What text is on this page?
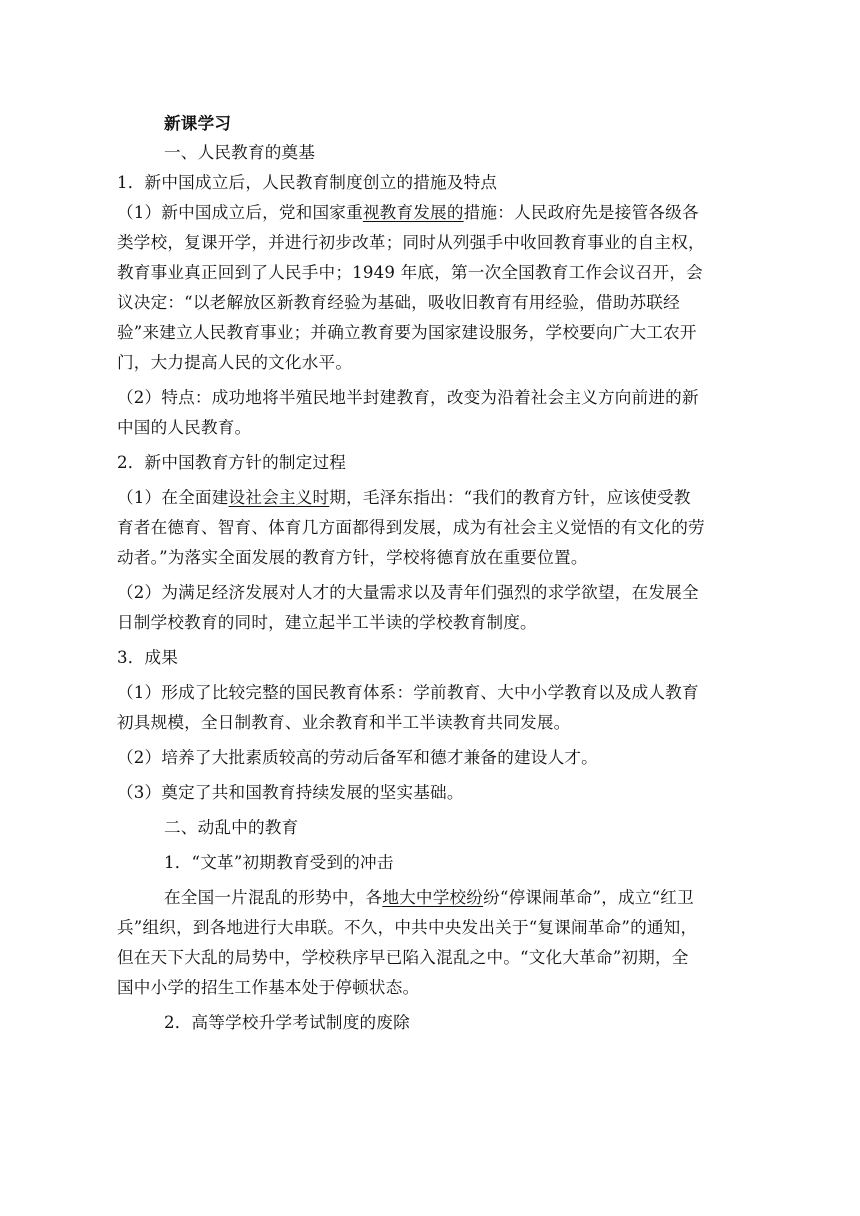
新课学习
一、人民教育的奠基
1．新中国成立后，人民教育制度创立的措施及特点
（1）新中国成立后，党和国家重视教育发展的措施：人民政府先是接管各级各
类学校，复课开学，并进行初步改革；同时从列强手中收回教育事业的自主权，
教育事业真正回到了人民手中；1949 年底，第一次全国教育工作会议召开，会
议决定：“以老解放区新教育经验为基础，吸收旧教育有用经验，借助苏联经
验”来建立人民教育事业；并确立教育要为国家建设服务，学校要向广大工农开
门，大力提高人民的文化水平。
（2）特点：成功地将半殖民地半封建教育，改变为沿着社会主义方向前进的新
中国的人民教育。
2．新中国教育方针的制定过程
（1）在全面建设社会主义时期，毛泽东指出：“我们的教育方针，应该使受教
育者在德育、智育、体育几方面都得到发展，成为有社会主义觉悟的有文化的劳
动者。”为落实全面发展的教育方针，学校将德育放在重要位置。
（2）为满足经济发展对人才的大量需求以及青年们强烈的求学欲望，在发展全
日制学校教育的同时，建立起半工半读的学校教育制度。
3．成果
（1）形成了比较完整的国民教育体系：学前教育、大中小学教育以及成人教育
初具规模，全日制教育、业余教育和半工半读教育共同发展。
（2）培养了大批素质较高的劳动后备军和德才兼备的建设人才。
（3）奠定了共和国教育持续发展的坚实基础。
二、动乱中的教育
1．“文革”初期教育受到的冲击
在全国一片混乱的形势中，各地大中学校纷纷“停课闹革命”，成立“红卫
兵”组织，到各地进行大串联。不久，中共中央发出关于“复课闹革命”的通知，
但在天下大乱的局势中，学校秩序早已陷入混乱之中。“文化大革命”初期，全
国中小学的招生工作基本处于停顿状态。
2．高等学校升学考试制度的废除
